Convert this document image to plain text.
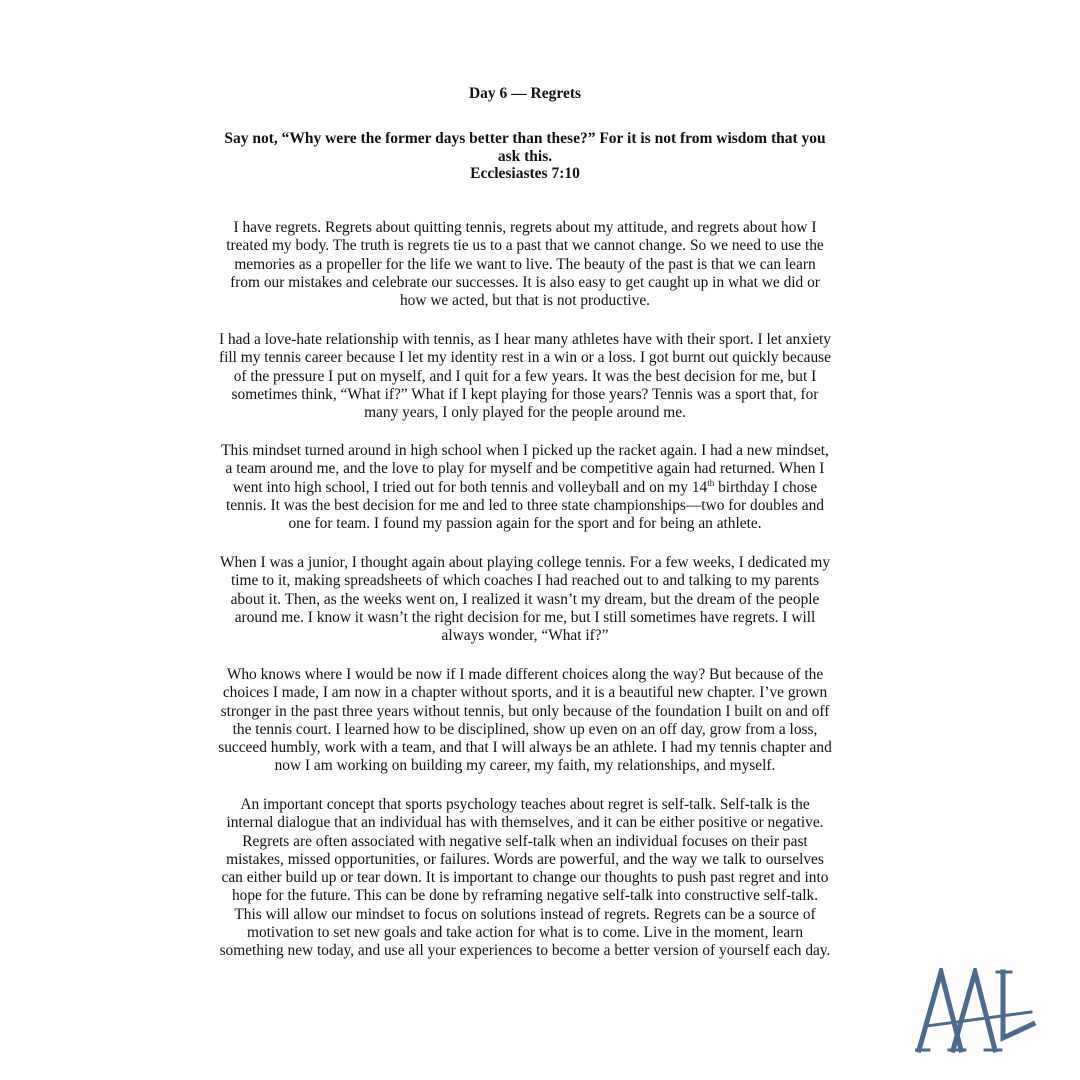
Day 6 — Regrets
Say not, “Why were the former days better than these?” For it is not from wisdom that you
ask this.
Ecclesiastes 7:10

I have regrets. Regrets about quitting tennis, regrets about my attitude, and regrets about how I
treated my body. The truth is regrets tie us to a past that we cannot change. So we need to use the
memories as a propeller for the life we want to live. The beauty of the past is that we can learn
from our mistakes and celebrate our successes. It is also easy to get caught up in what we did or
how we acted, but that is not productive.

I had a love-hate relationship with tennis, as I hear many athletes have with their sport. I let anxiety
fill my tennis career because I let my identity rest in a win or a loss. I got burnt out quickly because
of the pressure I put on myself, and I quit for a few years. It was the best decision for me, but I
sometimes think, “What if?” What if I kept playing for those years? Tennis was a sport that, for
many years, I only played for the people around me.

This mindset turned around in high school when I picked up the racket again. I had a new mindset,
a team around me, and the love to play for myself and be competitive again had returned. When I
went into high school, I tried out for both tennis and volleyball and on my 14th birthday I chose
tennis. It was the best decision for me and led to three state championships—two for doubles and
one for team. I found my passion again for the sport and for being an athlete.

When I was a junior, I thought again about playing college tennis. For a few weeks, I dedicated my
time to it, making spreadsheets of which coaches I had reached out to and talking to my parents
about it. Then, as the weeks went on, I realized it wasn’t my dream, but the dream of the people
around me. I know it wasn’t the right decision for me, but I still sometimes have regrets. I will
always wonder, “What if?”

Who knows where I would be now if I made different choices along the way? But because of the
choices I made, I am now in a chapter without sports, and it is a beautiful new chapter. I’ve grown
stronger in the past three years without tennis, but only because of the foundation I built on and off
the tennis court. I learned how to be disciplined, show up even on an off day, grow from a loss,
succeed humbly, work with a team, and that I will always be an athlete. I had my tennis chapter and
now I am working on building my career, my faith, my relationships, and myself.

An important concept that sports psychology teaches about regret is self-talk. Self-talk is the
internal dialogue that an individual has with themselves, and it can be either positive or negative.
Regrets are often associated with negative self-talk when an individual focuses on their past
mistakes, missed opportunities, or failures. Words are powerful, and the way we talk to ourselves
can either build up or tear down. It is important to change our thoughts to push past regret and into
hope for the future. This can be done by reframing negative self-talk into constructive self-talk.
This will allow our mindset to focus on solutions instead of regrets. Regrets can be a source of
motivation to set new goals and take action for what is to come. Live in the moment, learn
something new today, and use all your experiences to become a better version of yourself each day.
